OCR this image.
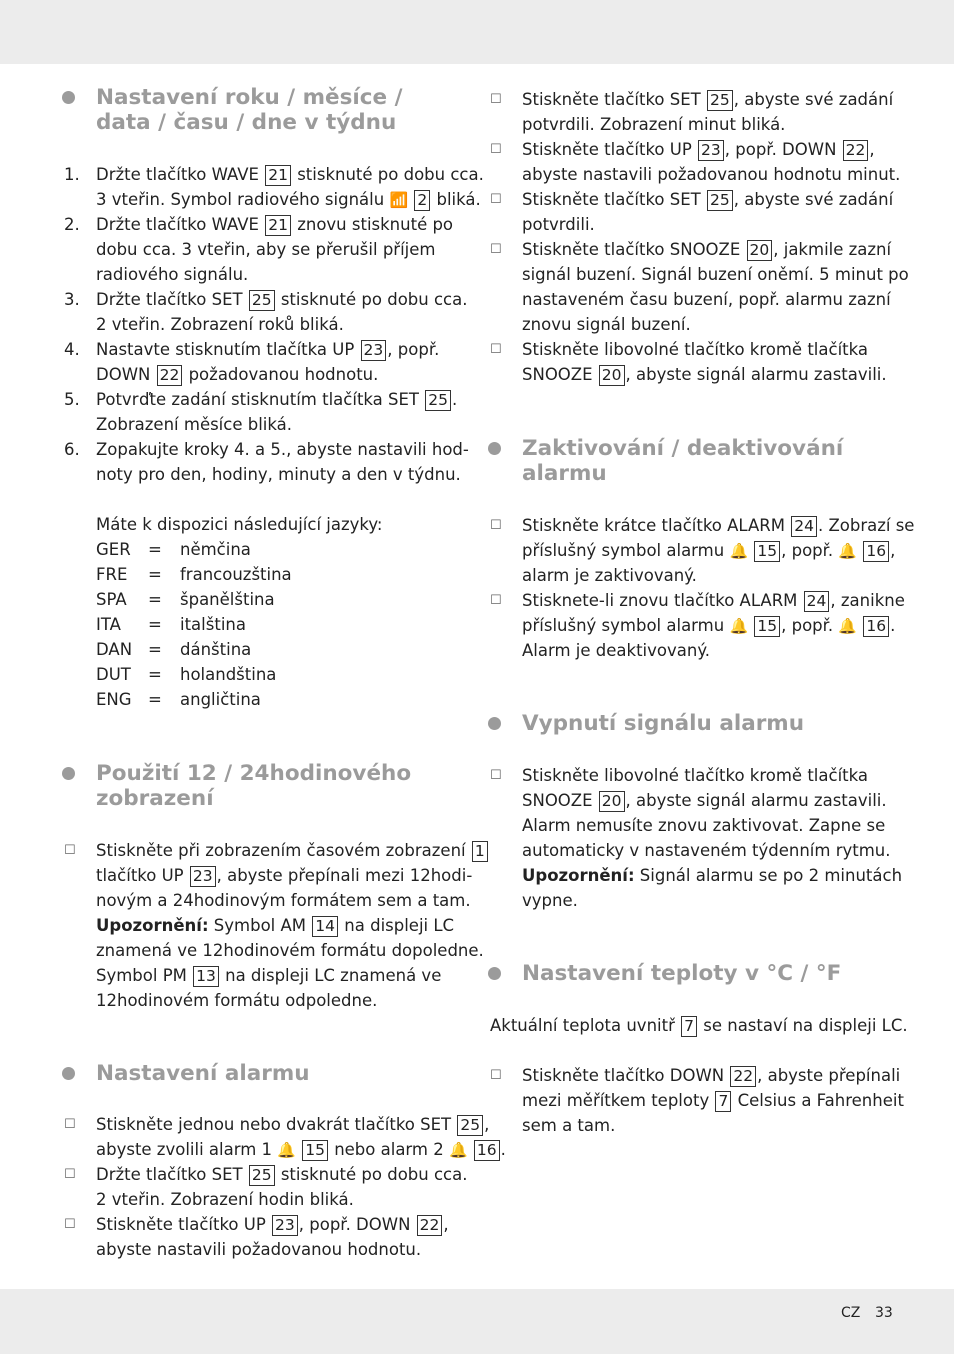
Nastavení roku / měsíce /
data / času / dne v týdnu
1. Držte tlačítko WAVE 21 stisknuté po dobu cca.
3 vteřin. Symbol radiového signálu 📶 2 bliká.
2. Držte tlačítko WAVE 21 znovu stisknuté po
dobu cca. 3 vteřin, aby se přerušil příjem
radiového signálu.
3. Držte tlačítko SET 25 stisknuté po dobu cca.
2 vteřin. Zobrazení roků bliká.
4. Nastavte stisknutím tlačítka UP 23 , popř.
DOWN 22 požadovanou hodnotu.
5. Potvrďte zadání stisknutím tlačítka SET 25 .
Zobrazení měsíce bliká.
6. Zopakujte kroky 4. a 5., abyste nastavili hod-
noty pro den, hodiny, minuty a den v týdnu.
Máte k dispozici následující jazyky:
GER = němčina
FRE = francouzština
SPA = španělština
ITA = italština
DAN = dánština
DUT = holandština
ENG = angličtina
Použití 12 / 24hodinového
zobrazení
☐ Stiskněte při zobrazením časovém zobrazení 1
tlačítko UP 23 , abyste přepínali mezi 12hodi-
novým a 24hodinovým formátem sem a tam.
Upozornění: Symbol AM 14 na displeji LC
znamená ve 12hodinovém formátu dopoledne.
Symbol PM 13 na displeji LC znamená ve
12hodinovém formátu odpoledne.
Nastavení alarmu
☐ Stiskněte jednou nebo dvakrát tlačítko SET 25 ,
abyste zvolili alarm 1 🔔 15 nebo alarm 2 🔔 16 .
☐ Držte tlačítko SET 25 stisknuté po dobu cca.
2 vteřin. Zobrazení hodin bliká.
☐ Stiskněte tlačítko UP 23 , popř. DOWN 22 ,
abyste nastavili požadovanou hodnotu.
☐ Stiskněte tlačítko SET 25 , abyste své zadání
potvrdili. Zobrazení minut bliká.
☐ Stiskněte tlačítko UP 23 , popř. DOWN 22 ,
abyste nastavili požadovanou hodnotu minut.
☐ Stiskněte tlačítko SET 25 , abyste své zadání
potvrdili.
☐ Stiskněte tlačítko SNOOZE 20 , jakmile zazní
signál buzení. Signál buzení oněmí. 5 minut po
nastaveném času buzení, popř. alarmu zazní
znovu signál buzení.
☐ Stiskněte libovolné tlačítko kromě tlačítka
SNOOZE 20 , abyste signál alarmu zastavili.
Zaktivování / deaktivování
alarmu
☐ Stiskněte krátce tlačítko ALARM 24 . Zobrazí se
příslušný symbol alarmu 🔔 15 , popř. 🔔 16 ,
alarm je zaktivovaný.
☐ Stisknete-li znovu tlačítko ALARM 24 , zanikne
příslušný symbol alarmu 🔔 15 , popř. 🔔 16 .
Alarm je deaktivovaný.
Vypnutí signálu alarmu
☐ Stiskněte libovolné tlačítko kromě tlačítka
SNOOZE 20 , abyste signál alarmu zastavili.
Alarm nemusíte znovu zaktivovat. Zapne se
automaticky v nastaveném týdenním rytmu.
Upozornění: Signál alarmu se po 2 minutách
vypne.
Nastavení teploty v °C / °F
Aktuální teplota uvnitř 7 se nastaví na displeji LC.
☐ Stiskněte tlačítko DOWN 22 , abyste přepínali
mezi měřítkem teploty 7 Celsius a Fahrenheit
sem a tam.
CZ 33
